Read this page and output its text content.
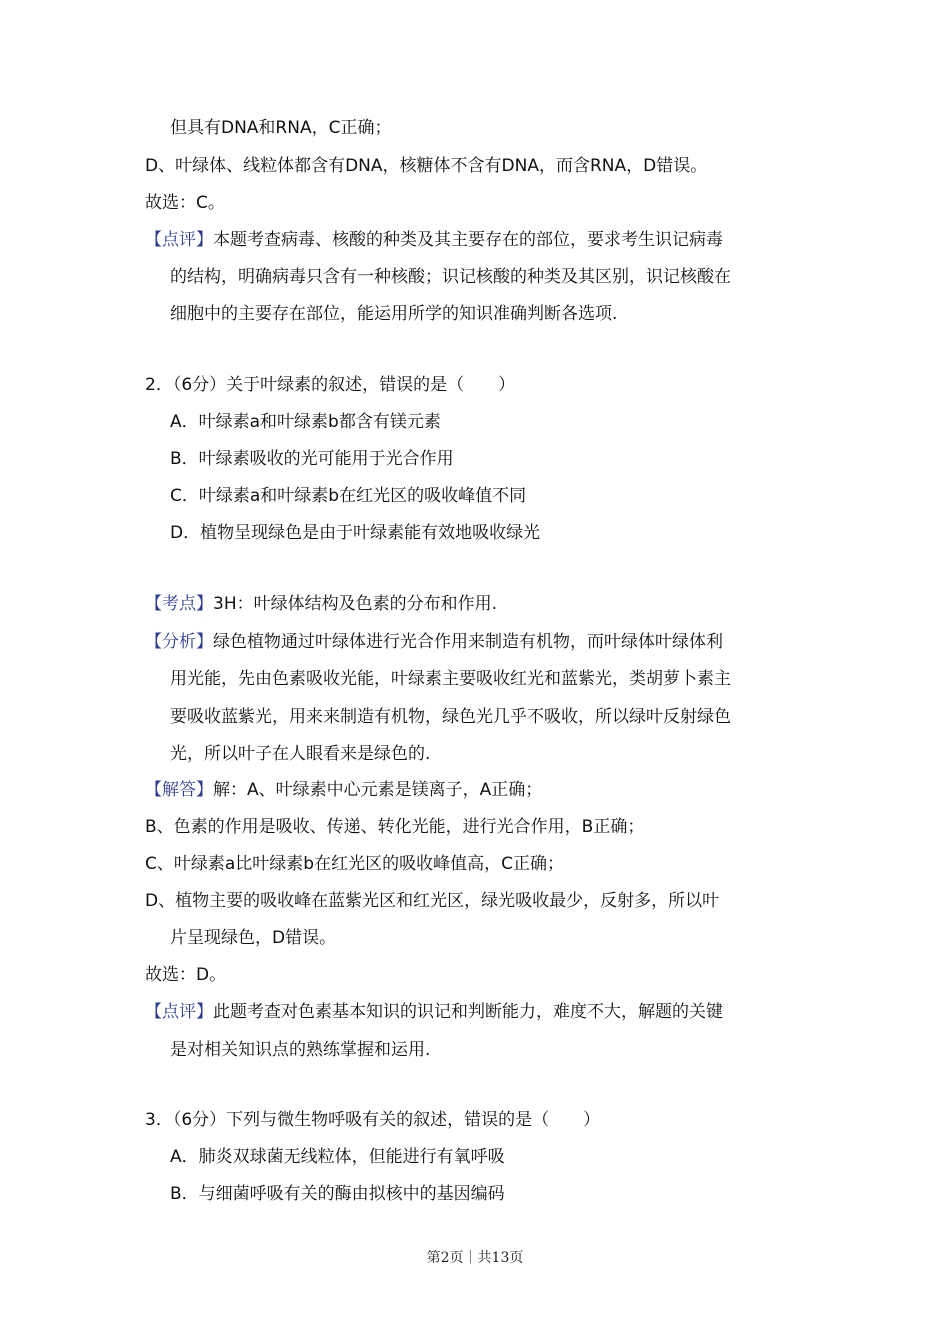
但具有DNA和RNA，C正确；
D、叶绿体、线粒体都含有DNA，核糖体不含有DNA，而含RNA，D错误。
故选：C。
【点评】本题考查病毒、核酸的种类及其主要存在的部位，要求考生识记病毒
的结构，明确病毒只含有一种核酸；识记核酸的种类及其区别，识记核酸在
细胞中的主要存在部位，能运用所学的知识准确判断各选项.
2．（6分）关于叶绿素的叙述，错误的是（　　）
A．叶绿素a和叶绿素b都含有镁元素
B．叶绿素吸收的光可能用于光合作用
C．叶绿素a和叶绿素b在红光区的吸收峰值不同
D．植物呈现绿色是由于叶绿素能有效地吸收绿光
【考点】3H：叶绿体结构及色素的分布和作用.
【分析】绿色植物通过叶绿体进行光合作用来制造有机物，而叶绿体叶绿体利
用光能，先由色素吸收光能，叶绿素主要吸收红光和蓝紫光，类胡萝卜素主
要吸收蓝紫光，用来来制造有机物，绿色光几乎不吸收，所以绿叶反射绿色
光，所以叶子在人眼看来是绿色的.
【解答】解：A、叶绿素中心元素是镁离子，A正确；
B、色素的作用是吸收、传递、转化光能，进行光合作用，B正确；
C、叶绿素a比叶绿素b在红光区的吸收峰值高，C正确；
D、植物主要的吸收峰在蓝紫光区和红光区，绿光吸收最少，反射多，所以叶
片呈现绿色，D错误。
故选：D。
【点评】此题考查对色素基本知识的识记和判断能力，难度不大，解题的关键
是对相关知识点的熟练掌握和运用.
3．（6分）下列与微生物呼吸有关的叙述，错误的是（　　）
A．肺炎双球菌无线粒体，但能进行有氧呼吸
B．与细菌呼吸有关的酶由拟核中的基因编码
第2页｜共13页
